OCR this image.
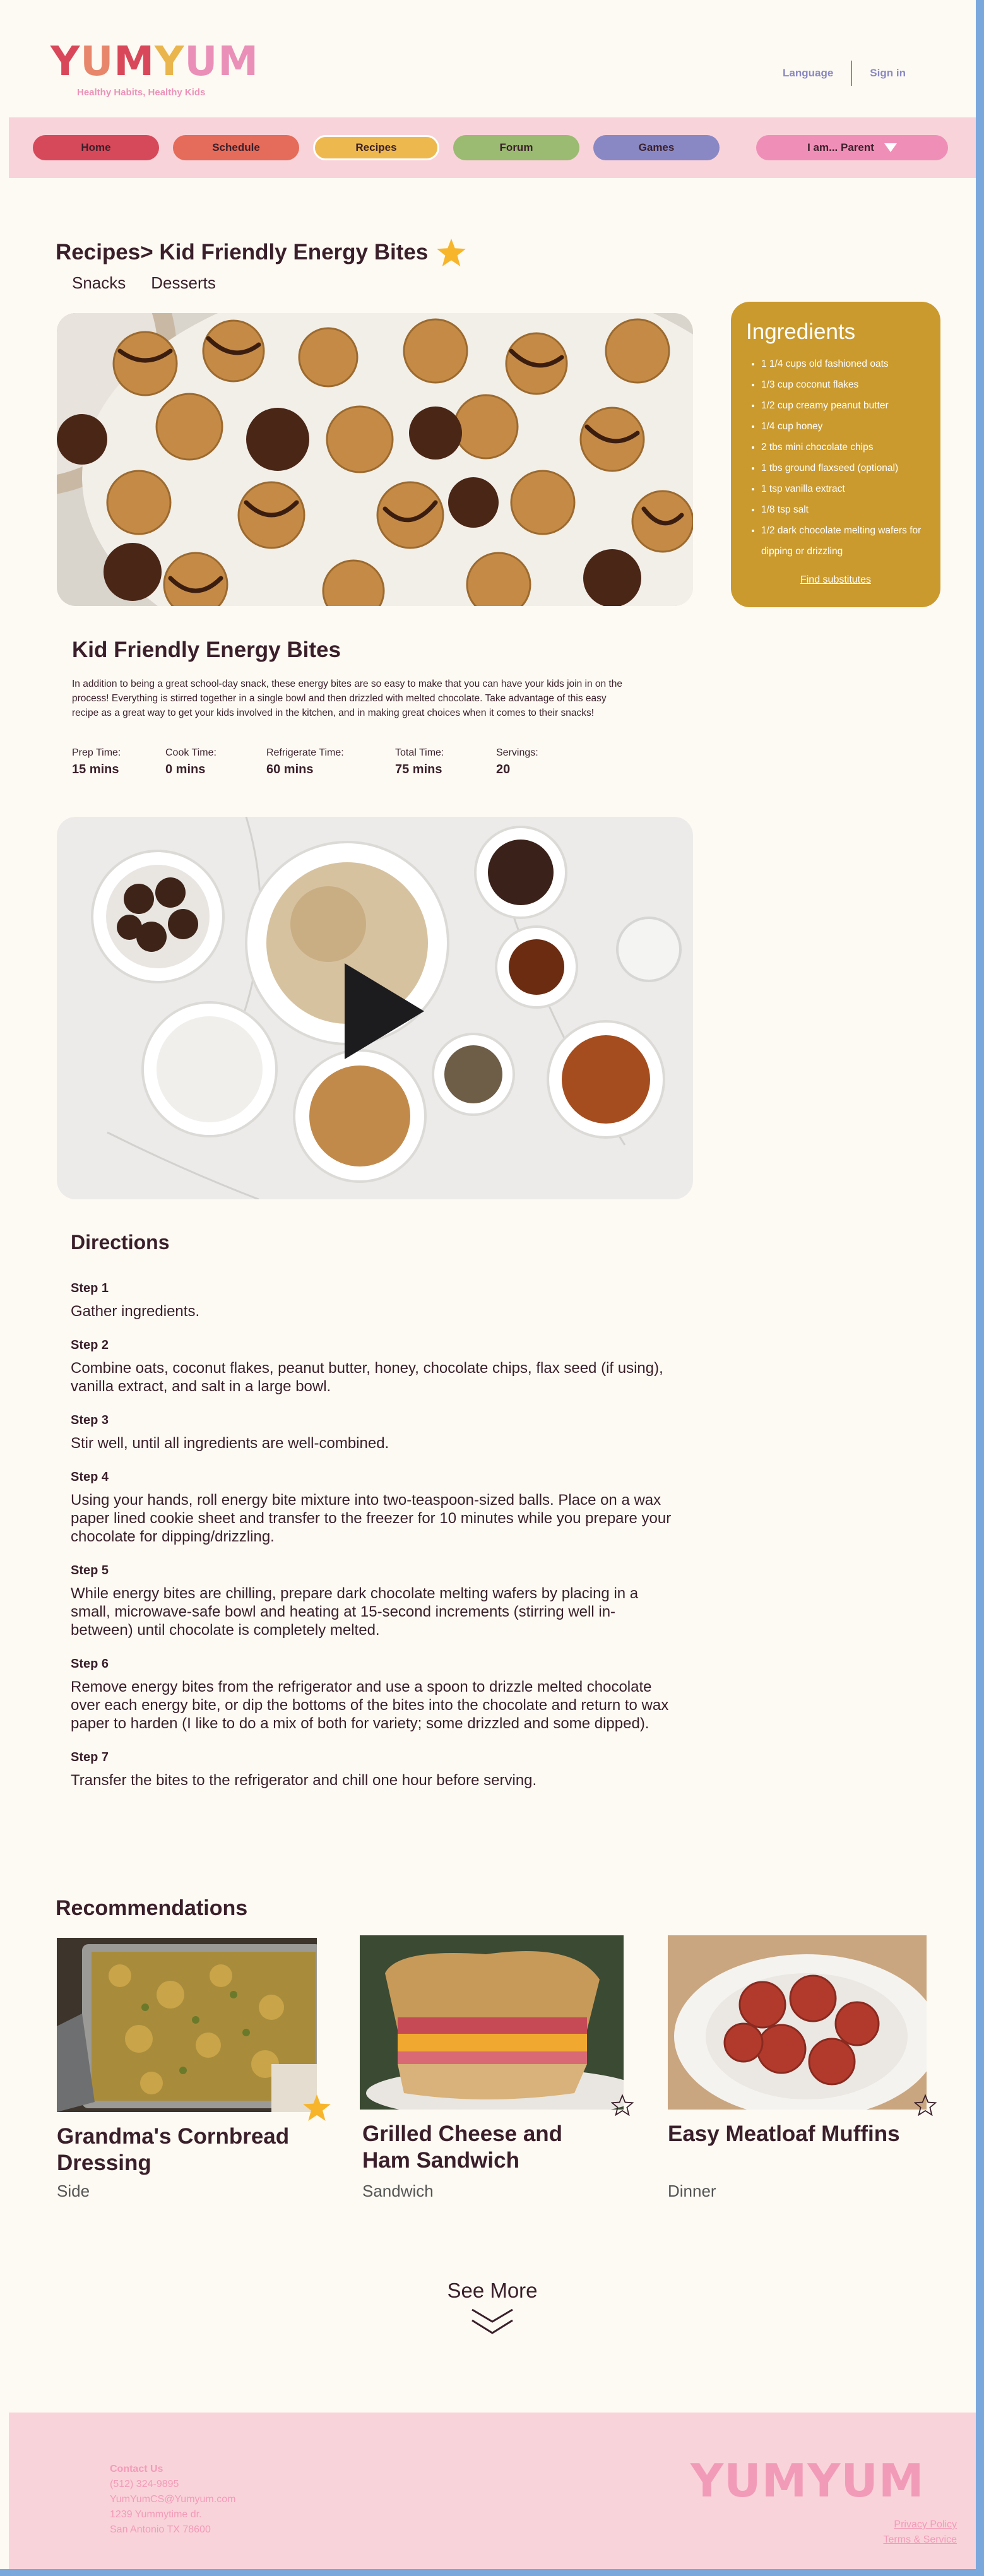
YUMYUM
Healthy Habits, Healthy Kids
Language	Sign in
Home	Schedule	Recipes	Forum	Games	I am... Parent
Recipes> Kid Friendly Energy Bites
Snacks Desserts
Ingredients
• 1 1/4 cups old fashioned oats
• 1/3 cup coconut flakes
• 1/2 cup creamy peanut butter
• 1/4 cup honey
• 2 tbs mini chocolate chips
• 1 tbs ground flaxseed (optional)
• 1 tsp vanilla extract
• 1/8 tsp salt
• 1/2 dark chocolate melting wafers for dipping or drizzling
Find substitutes
Kid Friendly Energy Bites
In addition to being a great school-day snack, these energy bites are so easy to make that you can have your kids join in on the process! Everything is stirred together in a single bowl and then drizzled with melted chocolate. Take advantage of this easy recipe as a great way to get your kids involved in the kitchen, and in making great choices when it comes to their snacks!
Prep Time:
15 mins
Cook Time:
0 mins
Refrigerate Time:
60 mins
Total Time:
75 mins
Servings:
20
Directions
Step 1
Gather ingredients.
Step 2
Combine oats, coconut flakes, peanut butter, honey, chocolate chips, flax seed (if using), vanilla extract, and salt in a large bowl.
Step 3
Stir well, until all ingredients are well-combined.
Step 4
Using your hands, roll energy bite mixture into two-teaspoon-sized balls. Place on a wax paper lined cookie sheet and transfer to the freezer for 10 minutes while you prepare your chocolate for dipping/drizzling.
Step 5
While energy bites are chilling, prepare dark chocolate melting wafers by placing in a small, microwave-safe bowl and heating at 15-second increments (stirring well in-between) until chocolate is completely melted.
Step 6
Remove energy bites from the refrigerator and use a spoon to drizzle melted chocolate over each energy bite, or dip the bottoms of the bites into the chocolate and return to wax paper to harden (I like to do a mix of both for variety; some drizzled and some dipped).
Step 7
Transfer the bites to the refrigerator and chill one hour before serving.
Recommendations
Grandma's Cornbread Dressing
Side
Grilled Cheese and Ham Sandwich
Sandwich
Easy Meatloaf Muffins
Dinner
See More
Contact Us
(512) 324-9895
YumYumCS@Yumyum.com
1239 Yummytime dr.
San Antonio TX 78600
YUMYUM
Privacy Policy
Terms & Service
